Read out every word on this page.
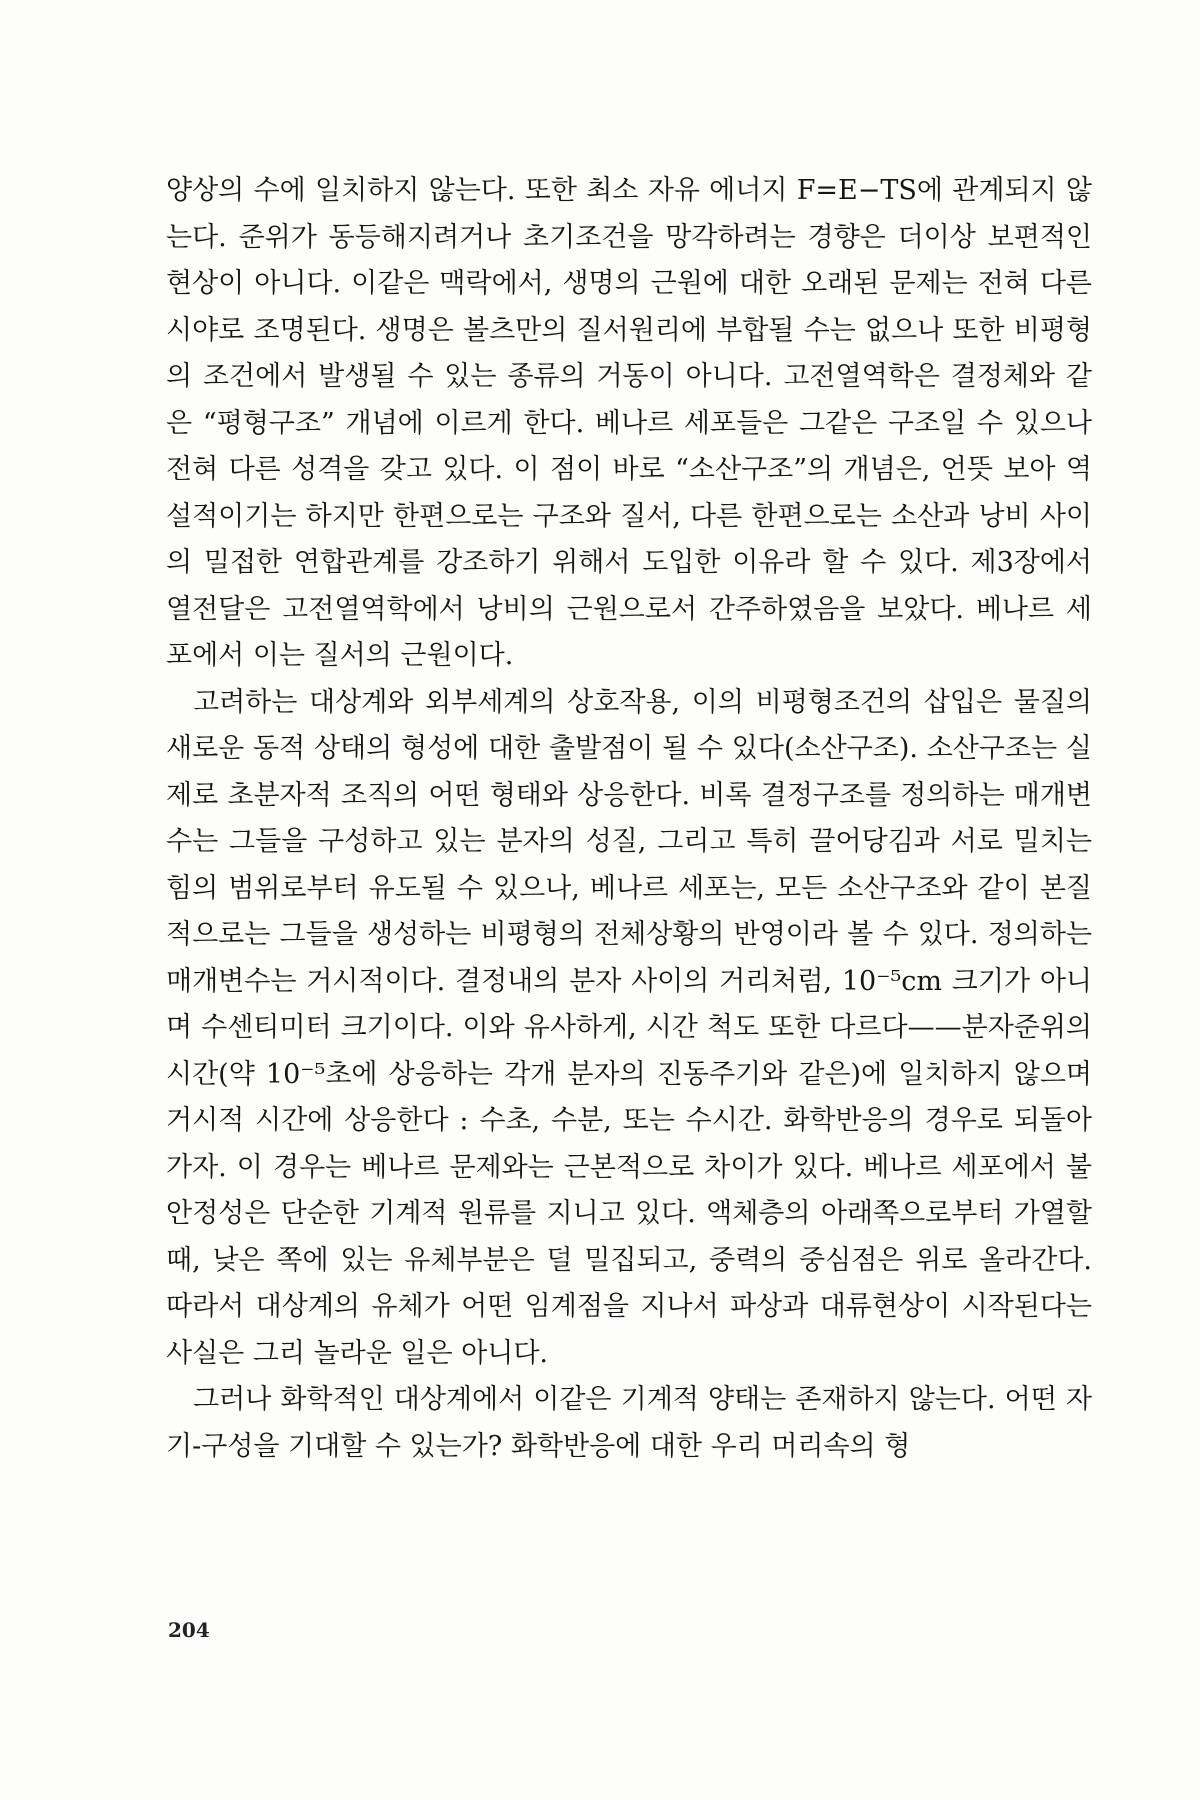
양상의 수에 일치하지 않는다. 또한 최소 자유 에너지 F=E−TS에 관계되지 않는다. 준위가 동등해지려거나 초기조건을 망각하려는 경향은 더이상 보편적인 현상이 아니다. 이같은 맥락에서, 생명의 근원에 대한 오래된 문제는 전혀 다른 시야로 조명된다. 생명은 볼츠만의 질서원리에 부합될 수는 없으나 또한 비평형의 조건에서 발생될 수 있는 종류의 거동이 아니다. 고전열역학은 결정체와 같은 “평형구조” 개념에 이르게 한다. 베나르 세포들은 그같은 구조일 수 있으나 전혀 다른 성격을 갖고 있다. 이 점이 바로 “소산구조”의 개념은, 언뜻 보아 역설적이기는 하지만 한편으로는 구조와 질서, 다른 한편으로는 소산과 낭비 사이의 밀접한 연합관계를 강조하기 위해서 도입한 이유라 할 수 있다. 제3장에서 열전달은 고전열역학에서 낭비의 근원으로서 간주하였음을 보았다. 베나르 세포에서 이는 질서의 근원이다.

고려하는 대상계와 외부세계의 상호작용, 이의 비평형조건의 삽입은 물질의 새로운 동적 상태의 형성에 대한 출발점이 될 수 있다(소산구조). 소산구조는 실제로 초분자적 조직의 어떤 형태와 상응한다. 비록 결정구조를 정의하는 매개변수는 그들을 구성하고 있는 분자의 성질, 그리고 특히 끌어당김과 서로 밀치는 힘의 범위로부터 유도될 수 있으나, 베나르 세포는, 모든 소산구조와 같이 본질적으로는 그들을 생성하는 비평형의 전체상황의 반영이라 볼 수 있다. 정의하는 매개변수는 거시적이다. 결정내의 분자 사이의 거리처럼, 10⁻⁵cm 크기가 아니며 수센티미터 크기이다. 이와 유사하게, 시간 척도 또한 다르다——분자준위의 시간(약 10⁻⁵초에 상응하는 각개 분자의 진동주기와 같은)에 일치하지 않으며 거시적 시간에 상응한다 : 수초, 수분, 또는 수시간. 화학반응의 경우로 되돌아가자. 이 경우는 베나르 문제와는 근본적으로 차이가 있다. 베나르 세포에서 불안정성은 단순한 기계적 원류를 지니고 있다. 액체층의 아래쪽으로부터 가열할 때, 낮은 쪽에 있는 유체부분은 덜 밀집되고, 중력의 중심점은 위로 올라간다. 따라서 대상계의 유체가 어떤 임계점을 지나서 파상과 대류현상이 시작된다는 사실은 그리 놀라운 일은 아니다.

그러나 화학적인 대상계에서 이같은 기계적 양태는 존재하지 않는다. 어떤 자기-구성을 기대할 수 있는가? 화학반응에 대한 우리 머리속의 형

204
